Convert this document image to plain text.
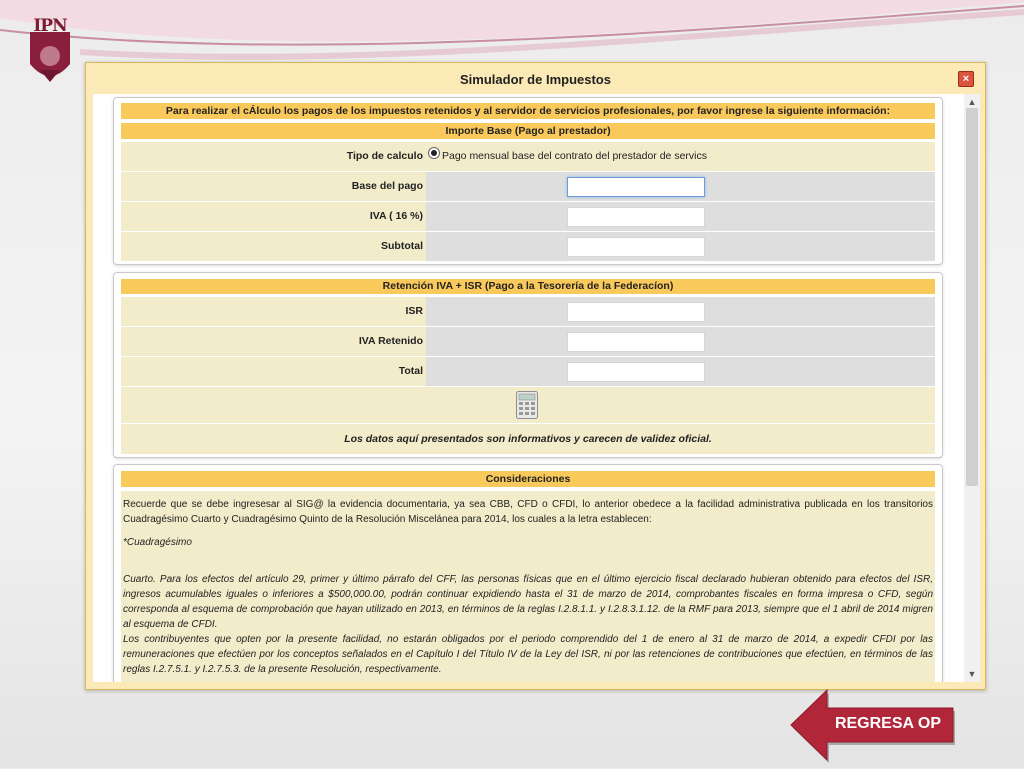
IPN
Simulador de Impuestos	×
Para realizar el cÁlculo los pagos de los impuestos retenidos y al servidor de servicios profesionales, por favor ingrese la siguiente información:
Importe Base (Pago al prestador)
Tipo de calculo	Pago mensual base del contrato del prestador de servics
Base del pago
IVA ( 16 %)
Subtotal
Retención IVA + ISR (Pago a la Tesorería de la Federacíon)
ISR
IVA Retenido
Total
Los datos aquí presentados son informativos y carecen de validez oficial.
Consideraciones

Recuerde que se debe ingresesar al SIG@ la evidencia documentaria, ya sea CBB, CFD o CFDI, lo anterior obedece a la facilidad administrativa publicada en los transitorios Cuadragésimo Cuarto y Cuadragésimo Quinto de la Resolución Miscelánea para 2014, los cuales a la letra establecen:

*Cuadragésimo

Cuarto. Para los efectos del artículo 29, primer y último párrafo del CFF, las personas físicas que en el último ejercicio fiscal declarado hubieran obtenido para efectos del ISR, ingresos acumulables iguales o inferiores a $500,000.00, podrán continuar expidiendo hasta el 31 de marzo de 2014, comprobantes fiscales en forma impresa o CFD, según corresponda al esquema de comprobación que hayan utilizado en 2013, en términos de la reglas I.2.8.1.1. y I.2.8.3.1.12. de la RMF para 2013, siempre que el 1 abril de 2014 migren al esquema de CFDI.

Los contribuyentes que opten por la presente facilidad, no estarán obligados por el periodo comprendido del 1 de enero al 31 de marzo de 2014, a expedir CFDI por las remuneraciones que efectúen por los conceptos señalados en el Capítulo I del Título IV de la Ley del ISR, ni por las retenciones de contribuciones que efectúen, en términos de las reglas I.2.7.5.1. y I.2.7.5.3. de la presente Resolución, respectivamente.

▲
▼
REGRESA OP
